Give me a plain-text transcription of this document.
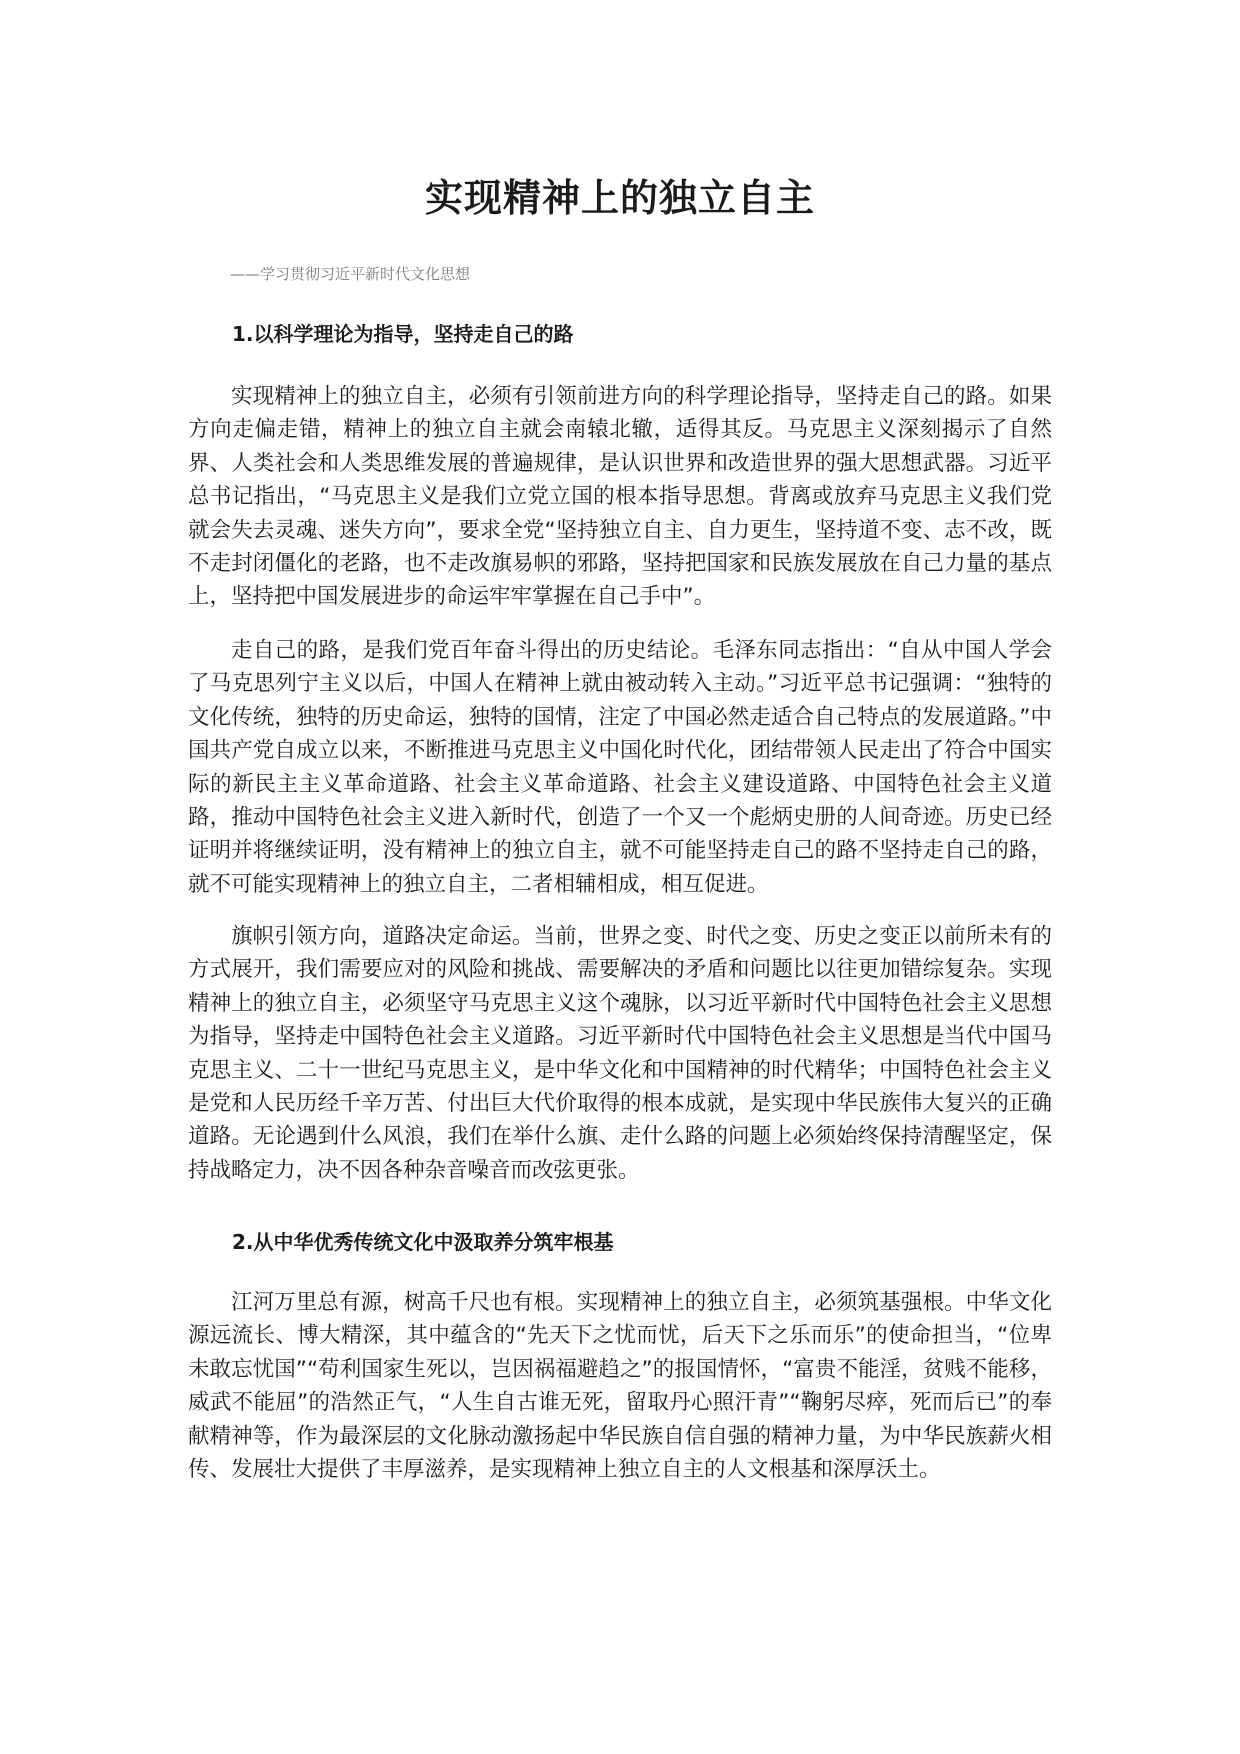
实现精神上的独立自主
——学习贯彻习近平新时代文化思想
1.以科学理论为指导，坚持走自己的路

实现精神上的独立自主，必须有引领前进方向的科学理论指导，坚持走自己的路。如果方向走偏走错，精神上的独立自主就会南辕北辙，适得其反。马克思主义深刻揭示了自然界、人类社会和人类思维发展的普遍规律，是认识世界和改造世界的强大思想武器。习近平总书记指出，“马克思主义是我们立党立国的根本指导思想。背离或放弃马克思主义我们党就会失去灵魂、迷失方向”，要求全党“坚持独立自主、自力更生，坚持道不变、志不改，既不走封闭僵化的老路，也不走改旗易帜的邪路，坚持把国家和民族发展放在自己力量的基点上，坚持把中国发展进步的命运牢牢掌握在自己手中”。

走自己的路，是我们党百年奋斗得出的历史结论。毛泽东同志指出：“自从中国人学会了马克思列宁主义以后，中国人在精神上就由被动转入主动。”习近平总书记强调：“独特的文化传统，独特的历史命运，独特的国情，注定了中国必然走适合自己特点的发展道路。”中国共产党自成立以来，不断推进马克思主义中国化时代化，团结带领人民走出了符合中国实际的新民主主义革命道路、社会主义革命道路、社会主义建设道路、中国特色社会主义道路，推动中国特色社会主义进入新时代，创造了一个又一个彪炳史册的人间奇迹。历史已经证明并将继续证明，没有精神上的独立自主，就不可能坚持走自己的路不坚持走自己的路，就不可能实现精神上的独立自主，二者相辅相成，相互促进。

旗帜引领方向，道路决定命运。当前，世界之变、时代之变、历史之变正以前所未有的方式展开，我们需要应对的风险和挑战、需要解决的矛盾和问题比以往更加错综复杂。实现精神上的独立自主，必须坚守马克思主义这个魂脉，以习近平新时代中国特色社会主义思想为指导，坚持走中国特色社会主义道路。习近平新时代中国特色社会主义思想是当代中国马克思主义、二十一世纪马克思主义，是中华文化和中国精神的时代精华；中国特色社会主义是党和人民历经千辛万苦、付出巨大代价取得的根本成就，是实现中华民族伟大复兴的正确道路。无论遇到什么风浪，我们在举什么旗、走什么路的问题上必须始终保持清醒坚定，保持战略定力，决不因各种杂音噪音而改弦更张。

2.从中华优秀传统文化中汲取养分筑牢根基

江河万里总有源，树高千尺也有根。实现精神上的独立自主，必须筑基强根。中华文化源远流长、博大精深，其中蕴含的“先天下之忧而忧，后天下之乐而乐”的使命担当，“位卑未敢忘忧国”“苟利国家生死以，岂因祸福避趋之”的报国情怀，“富贵不能淫，贫贱不能移，威武不能屈”的浩然正气，“人生自古谁无死，留取丹心照汗青”“鞠躬尽瘁，死而后已”的奉献精神等，作为最深层的文化脉动激扬起中华民族自信自强的精神力量，为中华民族薪火相传、发展壮大提供了丰厚滋养，是实现精神上独立自主的人文根基和深厚沃土。
